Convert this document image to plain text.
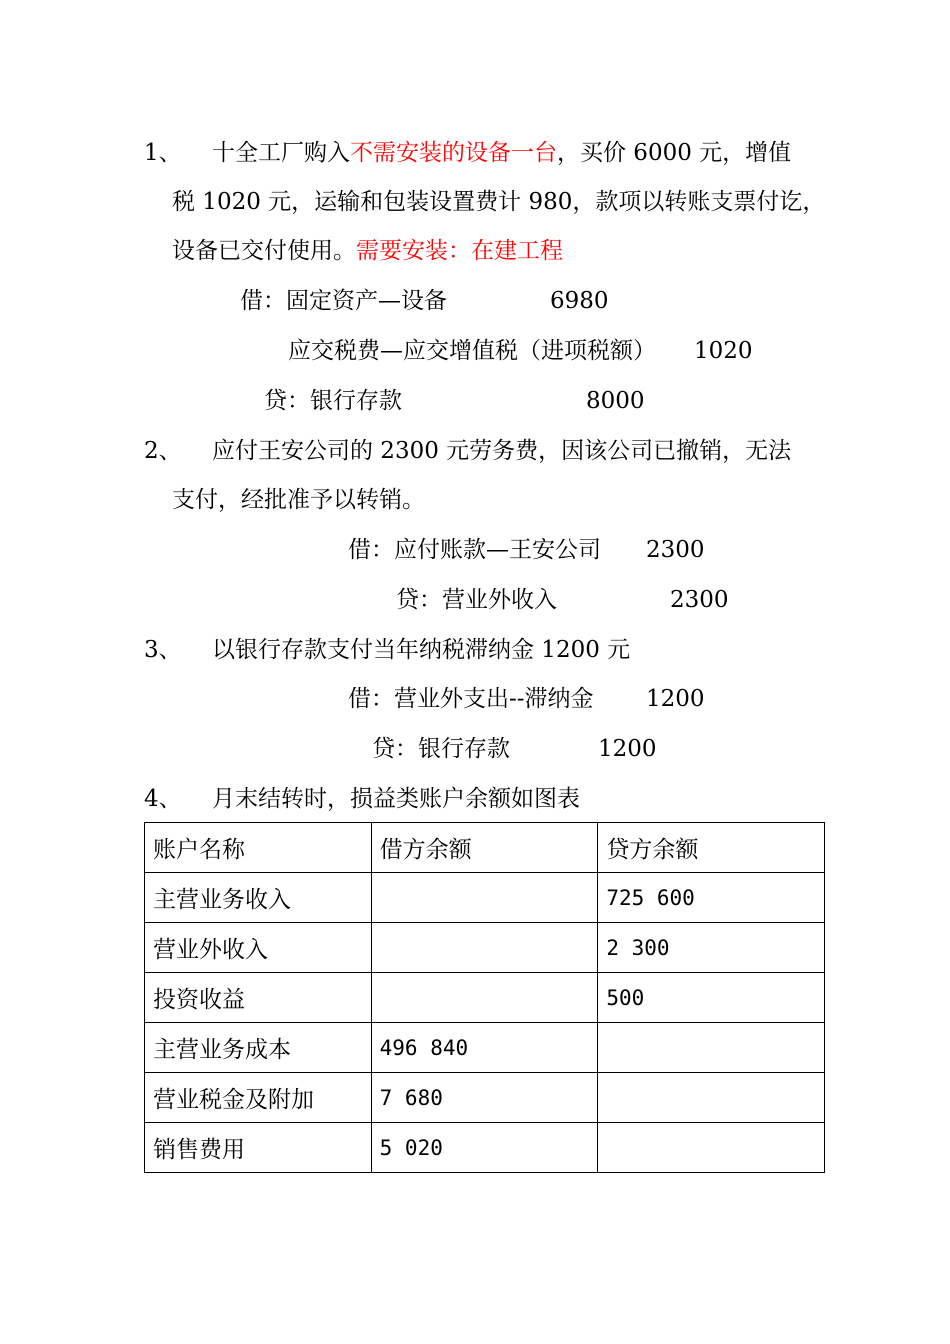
1、 十全工厂购入不需安装的设备一台，买价 6000 元，增值
税 1020 元，运输和包装设置费计 980，款项以转账支票付讫，
设备已交付使用。需要安装：在建工程
借：固定资产—设备	6980
应交税费—应交增值税（进项税额） 1020
贷：银行存款	8000
2、 应付王安公司的 2300 元劳务费，因该公司已撤销，无法
支付，经批准予以转销。
借：应付账款—王安公司 2300
贷：营业外收入	2300
3、 以银行存款支付当年纳税滞纳金 1200 元
借：营业外支出--滞纳金 1200
贷：银行存款	1200
4、 月末结转时，损益类账户余额如图表
账户名称	借方余额	贷方余额
主营业务收入		725 600
营业外收入		2 300
投资收益		500
主营业务成本	496 840	
营业税金及附加	7 680	
销售费用	5 020	
